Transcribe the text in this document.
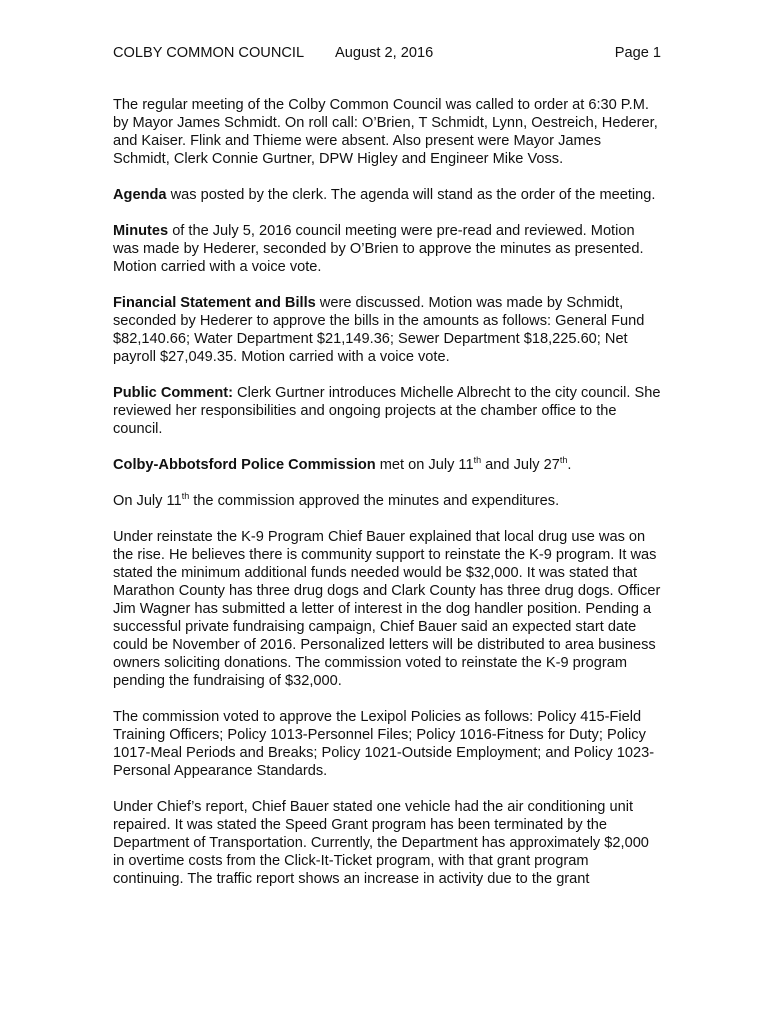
COLBY COMMON COUNCIL August 2, 2016	Page 1

The regular meeting of the Colby Common Council was called to order at 6:30 P.M. by Mayor James Schmidt. On roll call: O’Brien, T Schmidt, Lynn, Oestreich, Hederer, and Kaiser. Flink and Thieme were absent. Also present were Mayor James Schmidt, Clerk Connie Gurtner, DPW Higley and Engineer Mike Voss.

Agenda was posted by the clerk. The agenda will stand as the order of the meeting.

Minutes of the July 5, 2016 council meeting were pre-read and reviewed. Motion was made by Hederer, seconded by O’Brien to approve the minutes as presented. Motion carried with a voice vote.

Financial Statement and Bills were discussed. Motion was made by Schmidt, seconded by Hederer to approve the bills in the amounts as follows: General Fund $82,140.66; Water Department $21,149.36; Sewer Department $18,225.60; Net payroll $27,049.35. Motion carried with a voice vote.

Public Comment: Clerk Gurtner introduces Michelle Albrecht to the city council. She reviewed her responsibilities and ongoing projects at the chamber office to the council.

Colby-Abbotsford Police Commission met on July 11th and July 27th.

On July 11th the commission approved the minutes and expenditures.

Under reinstate the K-9 Program Chief Bauer explained that local drug use was on the rise. He believes there is community support to reinstate the K-9 program. It was stated the minimum additional funds needed would be $32,000. It was stated that Marathon County has three drug dogs and Clark County has three drug dogs. Officer Jim Wagner has submitted a letter of interest in the dog handler position. Pending a successful private fundraising campaign, Chief Bauer said an expected start date could be November of 2016. Personalized letters will be distributed to area business owners soliciting donations. The commission voted to reinstate the K-9 program pending the fundraising of $32,000.

The commission voted to approve the Lexipol Policies as follows: Policy 415-Field Training Officers; Policy 1013-Personnel Files; Policy 1016-Fitness for Duty; Policy 1017-Meal Periods and Breaks; Policy 1021-Outside Employment; and Policy 1023-Personal Appearance Standards.

Under Chief’s report, Chief Bauer stated one vehicle had the air conditioning unit repaired. It was stated the Speed Grant program has been terminated by the Department of Transportation. Currently, the Department has approximately $2,000 in overtime costs from the Click-It-Ticket program, with that grant program continuing. The traffic report shows an increase in activity due to the grant
